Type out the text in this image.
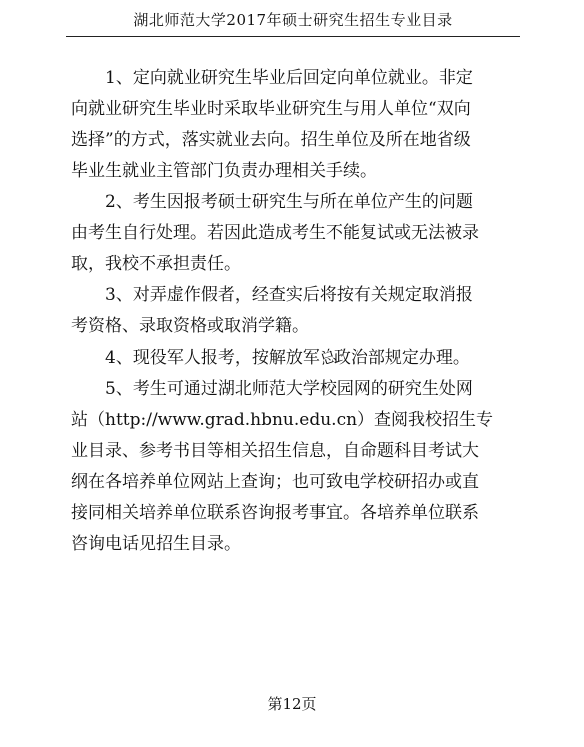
湖北师范大学2017年硕士研究生招生专业目录
1、定向就业研究生毕业后回定向单位就业。非定
向就业研究生毕业时采取毕业研究生与用人单位“双向
选择”的方式，落实就业去向。招生单位及所在地省级
毕业生就业主管部门负责办理相关手续。
2、考生因报考硕士研究生与所在单位产生的问题
由考生自行处理。若因此造成考生不能复试或无法被录
取，我校不承担责任。
3、对弄虚作假者，经查实后将按有关规定取消报
考资格、录取资格或取消学籍。
4、现役军人报考，按解放军总政治部规定办理。
5、考生可通过湖北师范大学校园网的研究生处网
站（http://www.grad.hbnu.edu.cn）查阅我校招生专
业目录、参考书目等相关招生信息，自命题科目考试大
纲在各培养单位网站上查询；也可致电学校研招办或直
接同相关培养单位联系咨询报考事宜。各培养单位联系
咨询电话见招生目录。
第12页
